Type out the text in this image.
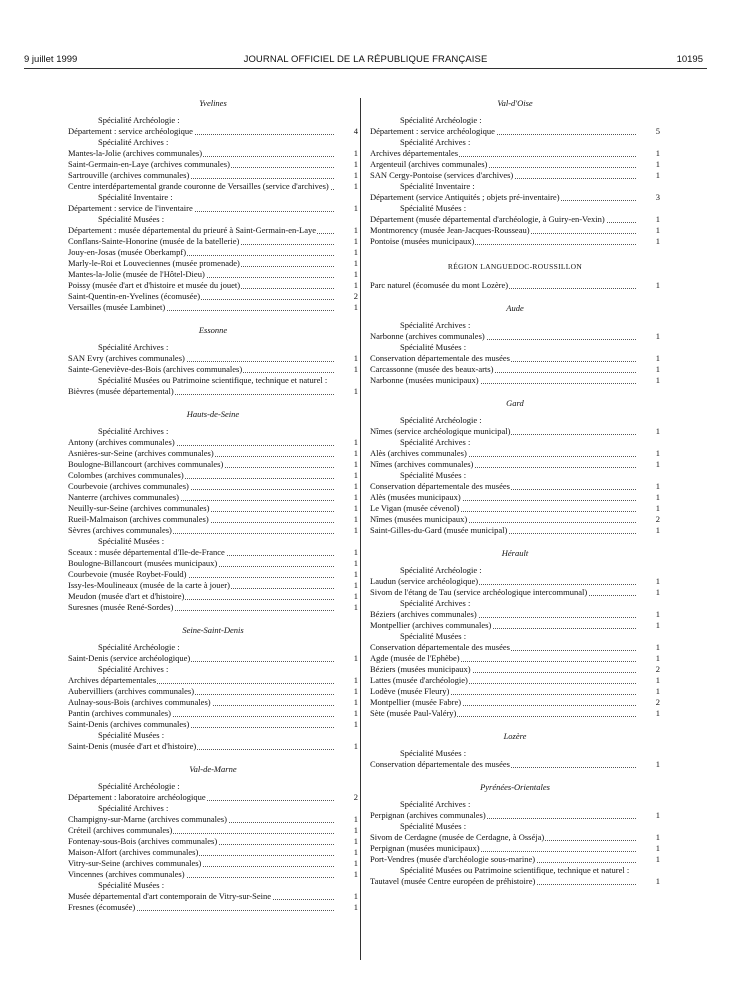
9 juillet 1999	JOURNAL OFFICIEL DE LA RÉPUBLIQUE FRANÇAISE	10195
Yvelines
Spécialité Archéologie :
Département : service archéologique	4
Spécialité Archives :
Mantes-la-Jolie (archives communales)	1
Saint-Germain-en-Laye (archives communales)	1
Sartrouville (archives communales)	1
Centre interdépartemental grande couronne de Versailles (service d'archives)	1
Spécialité Inventaire :
Département : service de l'inventaire	1
Spécialité Musées :
Département : musée départemental du prieuré à Saint-Germain-en-Laye	1
Conflans-Sainte-Honorine (musée de la batellerie)	1
Jouy-en-Josas (musée Oberkampf)	1
Marly-le-Roi et Louveciennes (musée promenade)	1
Mantes-la-Jolie (musée de l'Hôtel-Dieu)	1
Poissy (musée d'art et d'histoire et musée du jouet)	1
Saint-Quentin-en-Yvelines (écomusée)	2
Versailles (musée Lambinet)	1
Essonne
Spécialité Archives :
SAN Evry (archives communales)	1
Sainte-Geneviève-des-Bois (archives communales)	1
Spécialité Musées ou Patrimoine scientifique, technique et naturel :
Bièvres (musée départemental)	1
Hauts-de-Seine
Spécialité Archives :
Antony (archives communales)	1
Asnières-sur-Seine (archives communales)	1
Boulogne-Billancourt (archives communales)	1
Colombes (archives communales)	1
Courbevoie (archives communales)	1
Nanterre (archives communales)	1
Neuilly-sur-Seine (archives communales)	1
Rueil-Malmaison (archives communales)	1
Sèvres (archives communales)	1
Spécialité Musées :
Sceaux : musée départemental d'Ile-de-France	1
Boulogne-Billancourt (musées municipaux)	1
Courbevoie (musée Roybet-Fould)	1
Issy-les-Moulineaux (musée de la carte à jouer)	1
Meudon (musée d'art et d'histoire)	1
Suresnes (musée René-Sordes)	1
Seine-Saint-Denis
Spécialité Archéologie :
Saint-Denis (service archéologique)	1
Spécialité Archives :
Archives départementales	1
Aubervilliers (archives communales)	1
Aulnay-sous-Bois (archives communales)	1
Pantin (archives communales)	1
Saint-Denis (archives communales)	1
Spécialité Musées :
Saint-Denis (musée d'art et d'histoire)	1
Val-de-Marne
Spécialité Archéologie :
Département : laboratoire archéologique	2
Spécialité Archives :
Champigny-sur-Marne (archives communales)	1
Créteil (archives communales)	1
Fontenay-sous-Bois (archives communales)	1
Maison-Alfort (archives communales)	1
Vitry-sur-Seine (archives communales)	1
Vincennes (archives communales)	1
Spécialité Musées :
Musée départemental d'art contemporain de Vitry-sur-Seine	1
Fresnes (écomusée)	1
Val-d'Oise
Spécialité Archéologie :
Département : service archéologique	5
Spécialité Archives :
Archives départementales	1
Argenteuil (archives communales)	1
SAN Cergy-Pontoise (services d'archives)	1
Spécialité Inventaire :
Département (service Antiquités ; objets pré-inventaire)	3
Spécialité Musées :
Département (musée départemental d'archéologie, à Guiry-en-Vexin)	1
Montmorency (musée Jean-Jacques-Rousseau)	1
Pontoise (musées municipaux)	1
RÉGION LANGUEDOC-ROUSSILLON
Parc naturel (écomusée du mont Lozère)	1
Aude
Spécialité Archives :
Narbonne (archives communales)	1
Spécialité Musées :
Conservation départementale des musées	1
Carcassonne (musée des beaux-arts)	1
Narbonne (musées municipaux)	1
Gard
Spécialité Archéologie :
Nîmes (service archéologique municipal)	1
Spécialité Archives :
Alès (archives communales)	1
Nîmes (archives communales)	1
Spécialité Musées :
Conservation départementale des musées	1
Alès (musées municipaux)	1
Le Vigan (musée cévenol)	1
Nîmes (musées municipaux)	2
Saint-Gilles-du-Gard (musée municipal)	1
Hérault
Spécialité Archéologie :
Laudun (service archéologique)	1
Sivom de l'étang de Tau (service archéologique intercommunal)	1
Spécialité Archives :
Béziers (archives communales)	1
Montpellier (archives communales)	1
Spécialité Musées :
Conservation départementale des musées	1
Agde (musée de l'Ephèbe)	1
Béziers (musées municipaux)	2
Lattes (musée d'archéologie)	1
Lodève (musée Fleury)	1
Montpellier (musée Fabre)	2
Sète (musée Paul-Valéry)	1
Lozère
Spécialité Musées :
Conservation départementale des musées	1
Pyrénées-Orientales
Spécialité Archives :
Perpignan (archives communales)	1
Spécialité Musées :
Sivom de Cerdagne (musée de Cerdagne, à Osséja)	1
Perpignan (musées municipaux)	1
Port-Vendres (musée d'archéologie sous-marine)	1
Spécialité Musées ou Patrimoine scientifique, technique et naturel :
Tautavel (musée Centre européen de préhistoire)	1
